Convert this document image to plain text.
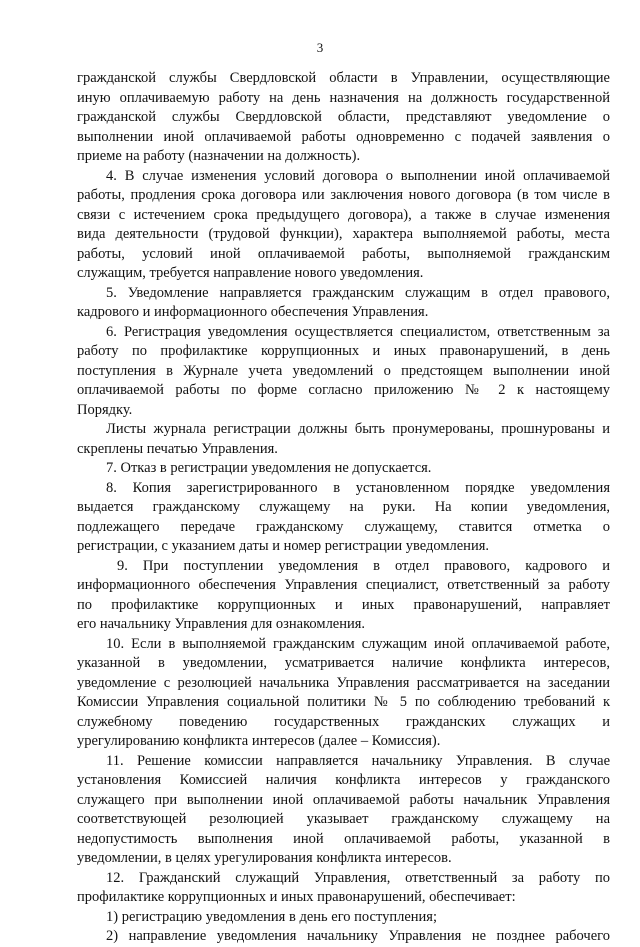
3
гражданской службы Свердловской области в Управлении, осуществляющие
иную оплачиваемую работу на день назначения на должность государственной
гражданской службы Свердловской области, представляют уведомление о
выполнении иной оплачиваемой работы одновременно с подачей заявления о
приеме на работу (назначении на должность).
4. В случае изменения условий договора о выполнении иной оплачиваемой
работы, продления срока договора или заключения нового договора (в том числе в
связи с истечением срока предыдущего договора), а также в случае изменения
вида деятельности (трудовой функции), характера выполняемой работы, места
работы, условий иной оплачиваемой работы, выполняемой гражданским
служащим, требуется направление нового уведомления.
5. Уведомление направляется гражданским служащим в отдел правового,
кадрового и информационного обеспечения Управления.
6. Регистрация уведомления осуществляется специалистом, ответственным за
работу по профилактике коррупционных и иных правонарушений, в день
поступления в Журнале учета уведомлений о предстоящем выполнении иной
оплачиваемой работы по форме согласно приложению № 2 к настоящему
Порядку.
Листы журнала регистрации должны быть пронумерованы, прошнурованы и
скреплены печатью Управления.
7. Отказ в регистрации уведомления не допускается.
8. Копия зарегистрированного в установленном порядке уведомления
выдается гражданскому служащему на руки. На копии уведомления,
подлежащего передаче гражданскому служащему, ставится отметка о
регистрации, с указанием даты и номер регистрации уведомления.
9. При поступлении уведомления в отдел правового, кадрового и
информационного обеспечения Управления специалист, ответственный за работу
по профилактике коррупционных и иных правонарушений, направляет
его начальнику Управления для ознакомления.
10. Если в выполняемой гражданским служащим иной оплачиваемой работе,
указанной в уведомлении, усматривается наличие конфликта интересов,
уведомление с резолюцией начальника Управления рассматривается на заседании
Комиссии Управления социальной политики № 5 по соблюдению требований к
служебному поведению государственных гражданских служащих и
урегулированию конфликта интересов (далее – Комиссия).
11. Решение комиссии направляется начальнику Управления. В случае
установления Комиссией наличия конфликта интересов у гражданского
служащего при выполнении иной оплачиваемой работы начальник Управления
соответствующей резолюцией указывает гражданскому служащему на
недопустимость выполнения иной оплачиваемой работы, указанной в
уведомлении, в целях урегулирования конфликта интересов.
12. Гражданский служащий Управления, ответственный за работу по
профилактике коррупционных и иных правонарушений, обеспечивает:
1) регистрацию уведомления в день его поступления;
2) направление уведомления начальнику Управления не позднее рабочего
